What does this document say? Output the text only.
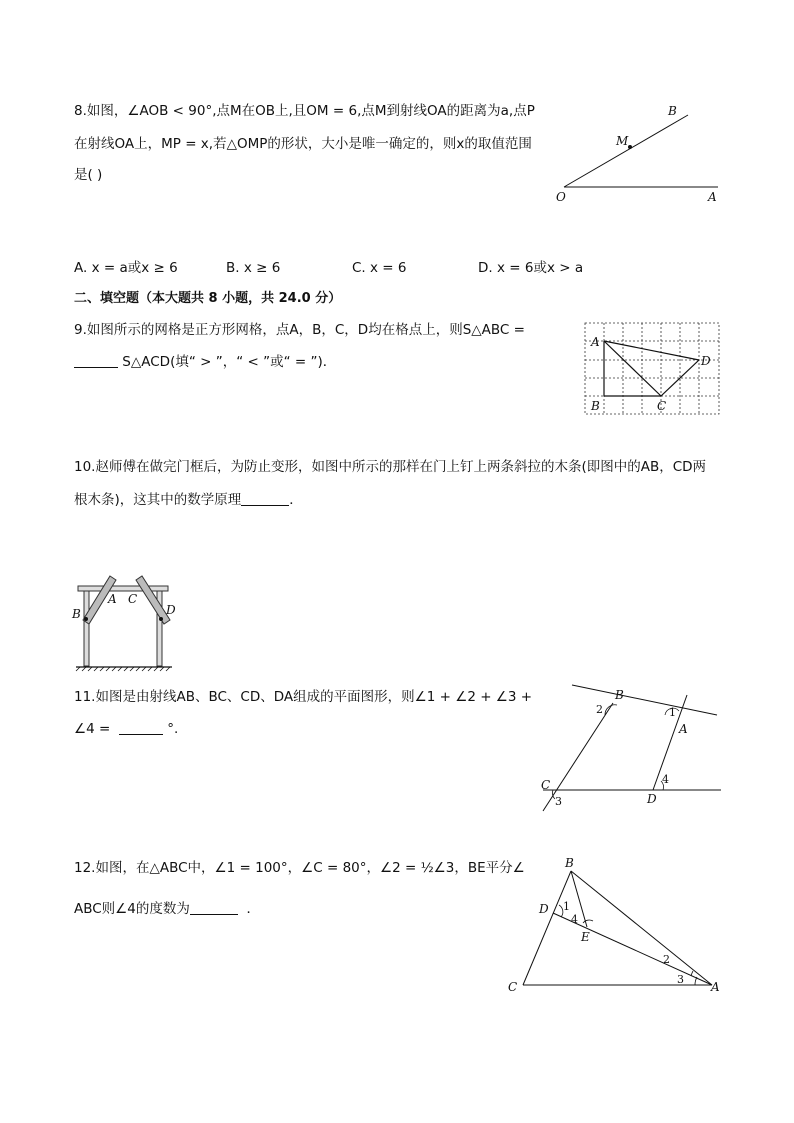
8.如图，∠AOB < 90°,点M在OB上,且OM = 6,点M到射线OA的距离为a,点P
在射线OA上，MP = x,若△OMP的形状，大小是唯一确定的，则x的取值范围
是( )
B
M
O	A
A. x = a或x ≥ 6	B. x ≥ 6	C. x = 6	D. x = 6或x > a
二、填空题（本大题共 8 小题，共 24.0 分）
9.如图所示的网格是正方形网格，点A，B，C，D均在格点上，则S△ABC =
S△ACD(填“ > ”，“ < ”或“ = ”)．
A
B	C
D
10.赵师傅在做完门框后，为防止变形，如图中所示的那样在门上钉上两条斜拉的木条(即图中的AB，CD两
根木条)，这其中的数学原理	．
A
B
C
D
11.如图是由射线AB、BC、CD、DA组成的平面图形，则∠1 + ∠2 + ∠3 +
∠4 =	°.
B
A
C
D
1
2
3
4
12.如图，在△ABC中，∠1 = 100°，∠C = 80°，∠2 = ½∠3，BE平分∠
ABC则∠4的度数为	．
B
D
E
C	A
1
4
2
3
